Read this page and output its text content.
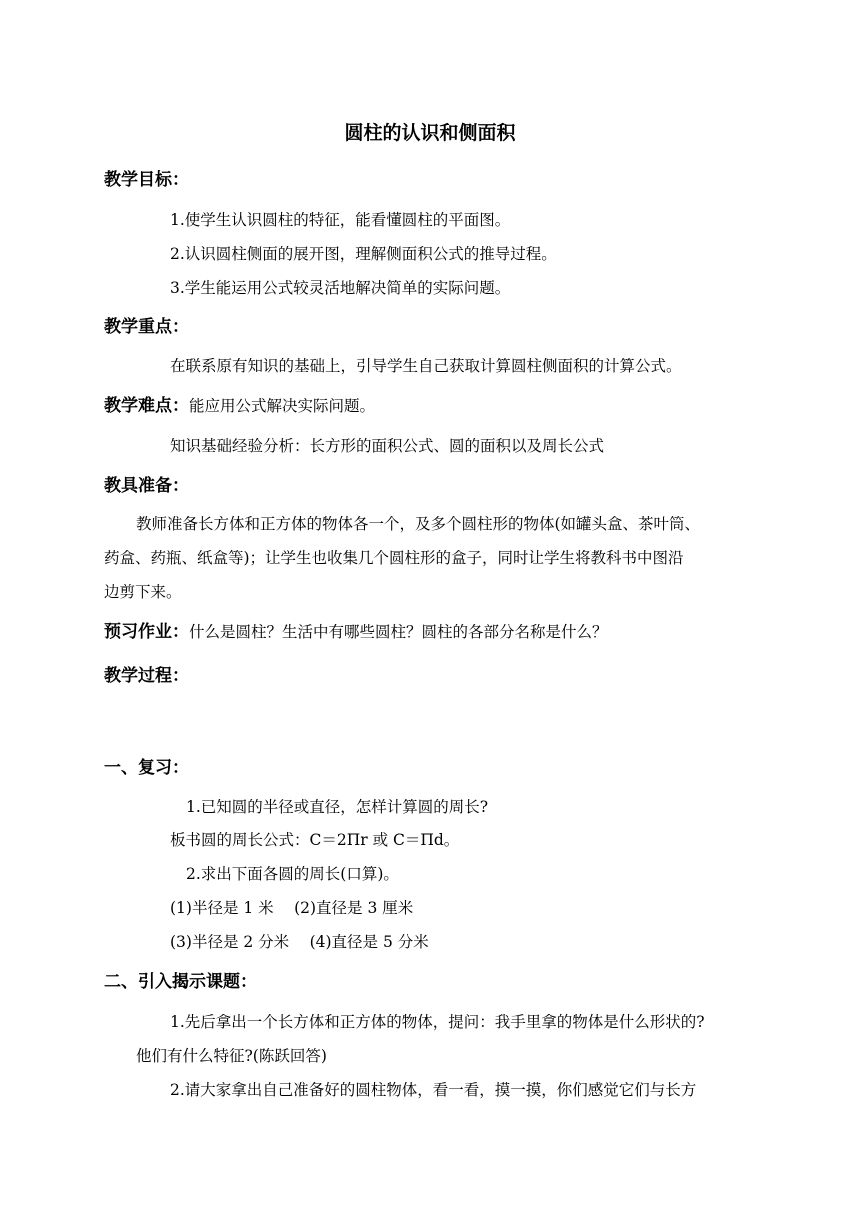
圆柱的认识和侧面积
教学目标：
1.使学生认识圆柱的特征，能看懂圆柱的平面图。
2.认识圆柱侧面的展开图，理解侧面积公式的推导过程。
3.学生能运用公式较灵活地解决简单的实际问题。
教学重点：
在联系原有知识的基础上，引导学生自己获取计算圆柱侧面积的计算公式。
教学难点：能应用公式解决实际问题。
知识基础经验分析：长方形的面积公式、圆的面积以及周长公式
教具准备：
教师准备长方体和正方体的物体各一个，及多个圆柱形的物体(如罐头盒、茶叶筒、
药盒、药瓶、纸盒等)；让学生也收集几个圆柱形的盒子，同时让学生将教科书中图沿
边剪下来。
预习作业：什么是圆柱？生活中有哪些圆柱？圆柱的各部分名称是什么？
教学过程：
一、复习：
1.已知圆的半径或直径，怎样计算圆的周长?
板书圆的周长公式：C＝2Πr 或 C＝Πd。
2.求出下面各圆的周长(口算)。
(1)半径是 1 米　 (2)直径是 3 厘米
(3)半径是 2 分米　 (4)直径是 5 分米
二、引入揭示课题：
1.先后拿出一个长方体和正方体的物体，提问：我手里拿的物体是什么形状的?
他们有什么特征?(陈跃回答)
2.请大家拿出自己准备好的圆柱物体，看一看，摸一摸，你们感觉它们与长方
